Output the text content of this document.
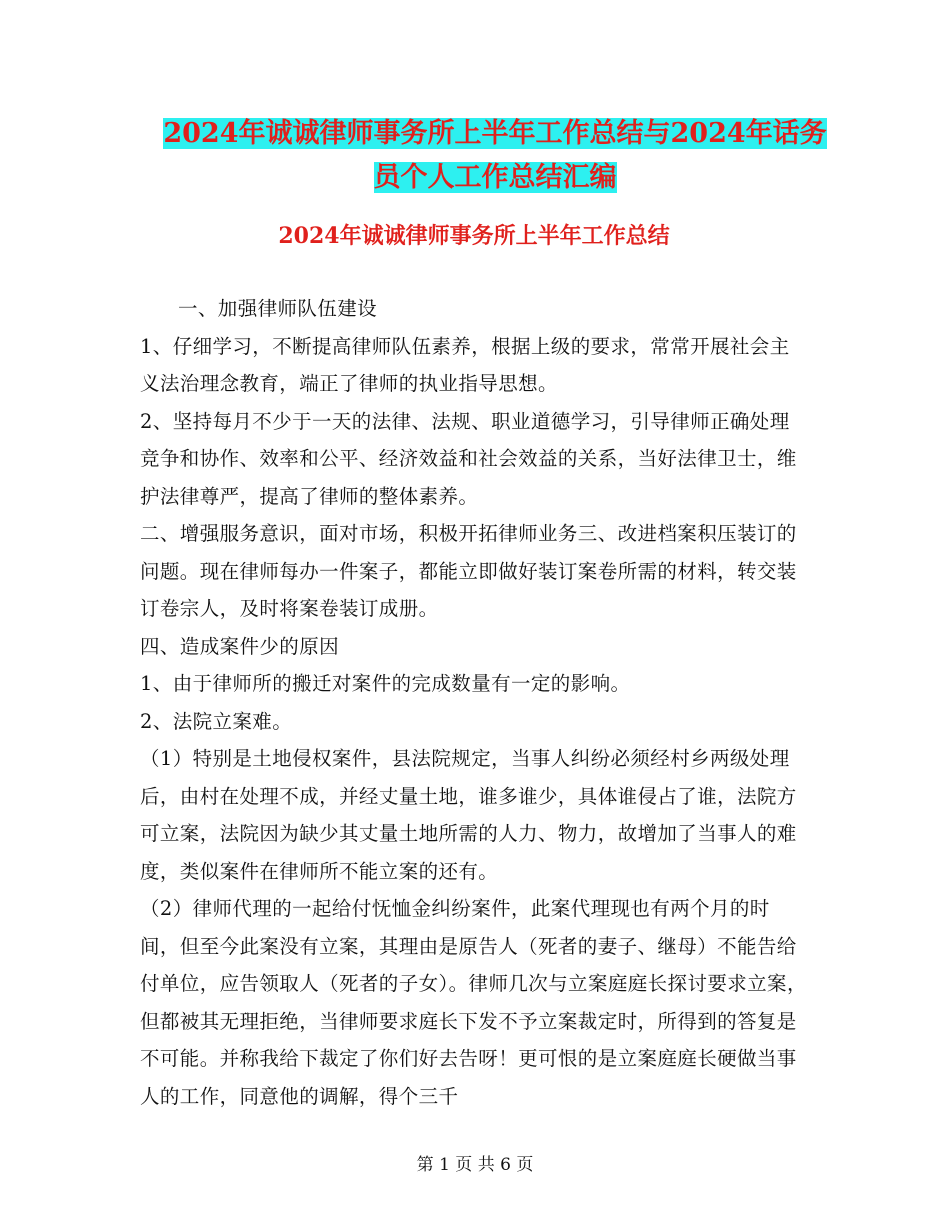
2024年诚诚律师事务所上半年工作总结与2024年话务
员个人工作总结汇编
2024年诚诚律师事务所上半年工作总结

一、加强律师队伍建设

1、仔细学习，不断提高律师队伍素养，根据上级的要求，常常开展社会主义法治理念教育，端正了律师的执业指导思想。

2、坚持每月不少于一天的法律、法规、职业道德学习，引导律师正确处理竞争和协作、效率和公平、经济效益和社会效益的关系，当好法律卫士，维护法律尊严，提高了律师的整体素养。

二、增强服务意识，面对市场，积极开拓律师业务三、改进档案积压装订的问题。现在律师每办一件案子，都能立即做好装订案卷所需的材料，转交装订卷宗人，及时将案卷装订成册。

四、造成案件少的原因

1、由于律师所的搬迁对案件的完成数量有一定的影响。

2、法院立案难。

（1）特别是土地侵权案件，县法院规定，当事人纠纷必须经村乡两级处理后，由村在处理不成，并经丈量土地，谁多谁少，具体谁侵占了谁，法院方可立案，法院因为缺少其丈量土地所需的人力、物力，故增加了当事人的难度，类似案件在律师所不能立案的还有。

（2）律师代理的一起给付怃恤金纠纷案件，此案代理现也有两个月的时间，但至今此案没有立案，其理由是原告人（死者的妻子、继母）不能告给付单位，应告领取人（死者的子女）。律师几次与立案庭庭长探讨要求立案，但都被其无理拒绝，当律师要求庭长下发不予立案裁定时，所得到的答复是不可能。并称我给下裁定了你们好去告呀！更可恨的是立案庭庭长硬做当事人的工作，同意他的调解，得个三千

第 1 页 共 6 页
